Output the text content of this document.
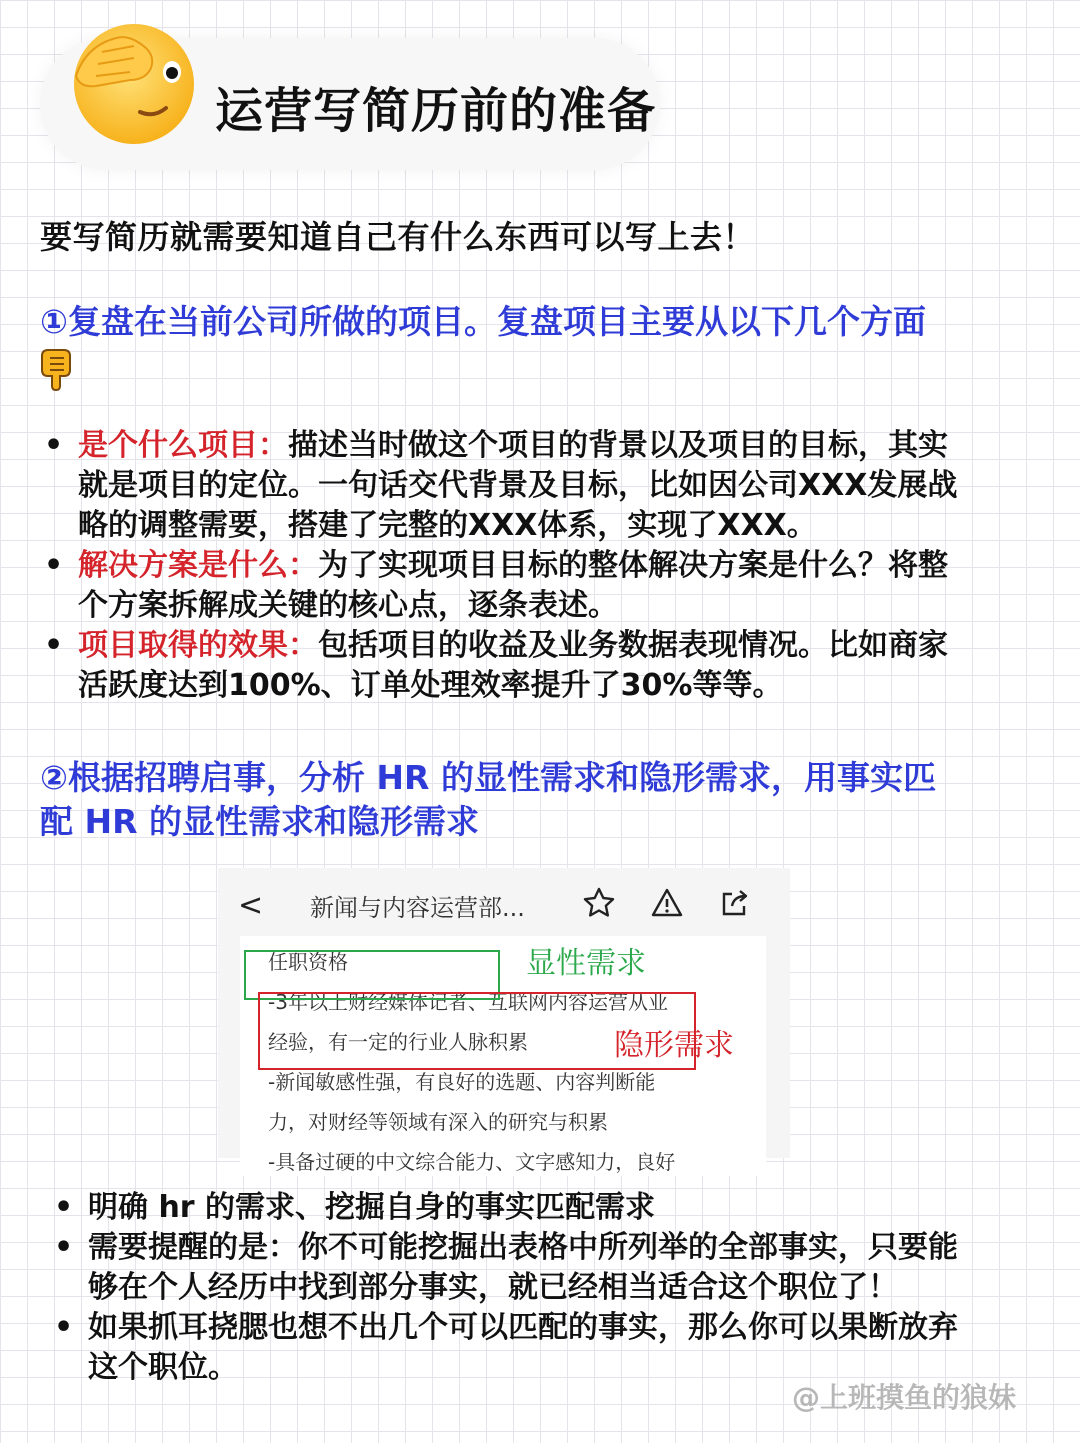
运营写简历前的准备
要写简历就需要知道自己有什么东西可以写上去！
①复盘在当前公司所做的项目。复盘项目主要从以下几个方面
• 是个什么项目：描述当时做这个项目的背景以及项目的目标，其实
就是项目的定位。一句话交代背景及目标，比如因公司XXX发展战
略的调整需要，搭建了完整的XXX体系，实现了XXX。
• 解决方案是什么：为了实现项目目标的整体解决方案是什么？将整
个方案拆解成关键的核心点，逐条表述。
• 项目取得的效果：包括项目的收益及业务数据表现情况。比如商家
活跃度达到100%、订单处理效率提升了30%等等。
②根据招聘启事，分析 HR 的显性需求和隐形需求，用事实匹
配 HR 的显性需求和隐形需求
< 新闻与内容运营部...
任职资格
-3年以上财经媒体记者、互联网内容运营从业
经验，有一定的行业人脉积累
-新闻敏感性强，有良好的选题、内容判断能
力，对财经等领域有深入的研究与积累
-具备过硬的中文综合能力、文字感知力，良好
显性需求
隐形需求
• 明确 hr 的需求、挖掘自身的事实匹配需求
• 需要提醒的是：你不可能挖掘出表格中所列举的全部事实，只要能
够在个人经历中找到部分事实，就已经相当适合这个职位了！
• 如果抓耳挠腮也想不出几个可以匹配的事实，那么你可以果断放弃
这个职位。
@上班摸鱼的狼妹
